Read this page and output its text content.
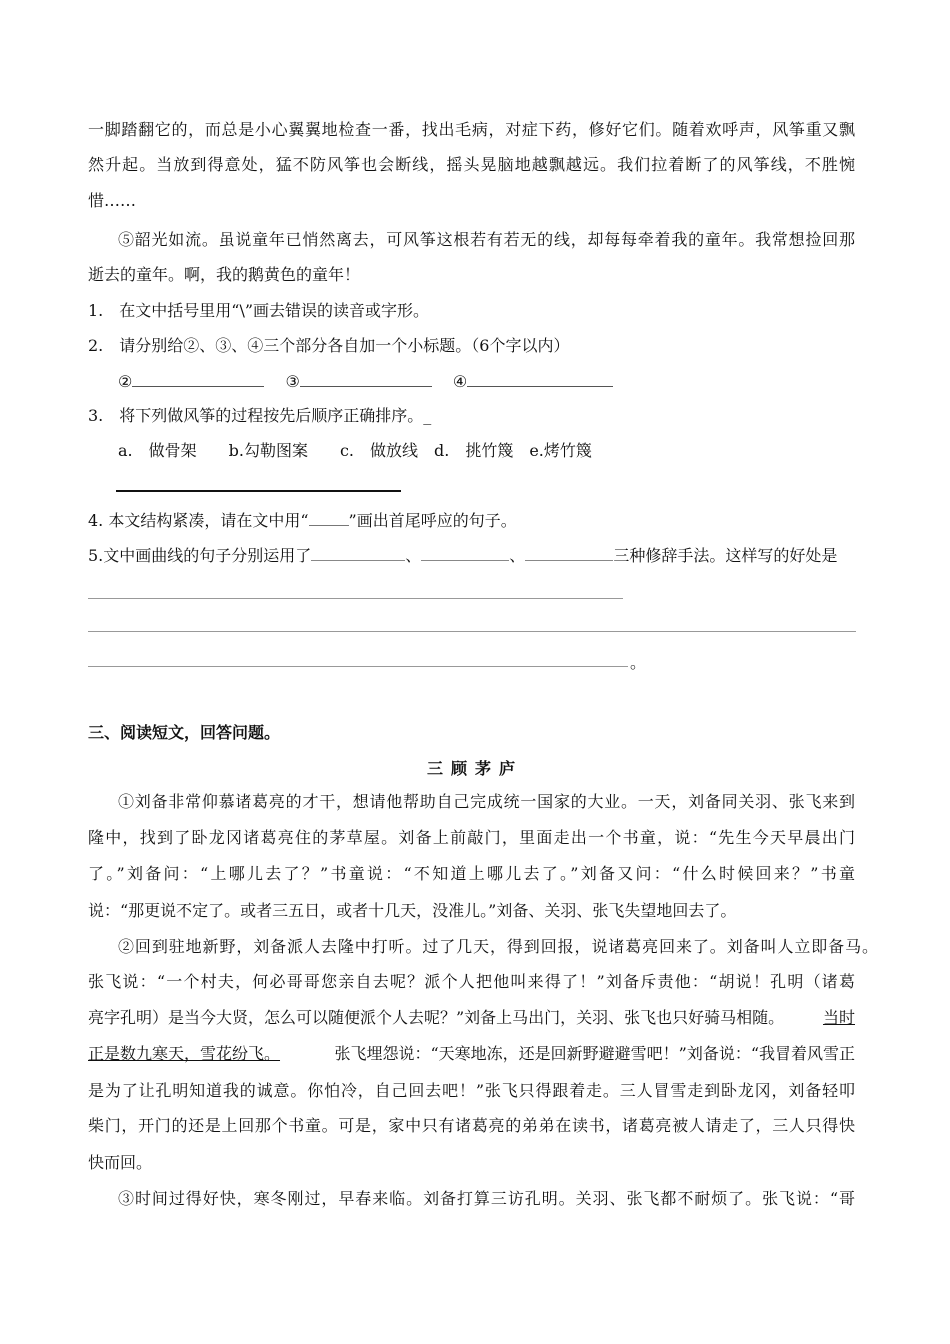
一脚踏翻它的，而总是小心翼翼地检查一番，找出毛病，对症下药，修好它们。随着欢呼声，风筝重又飘
然升起。当放到得意处，猛不防风筝也会断线，摇头晃脑地越飘越远。我们拉着断了的风筝线，不胜惋
惜……
⑤韶光如流。虽说童年已悄然离去，可风筝这根若有若无的线，却每每牵着我的童年。我常想捡回那
逝去的童年。啊，我的鹅黄色的童年！
1.　在文中括号里用“\”画去错误的读音或字形。
2.　请分别给②、③、④三个部分各自加一个小标题。（6个字以内）
②	③	④
3.　将下列做风筝的过程按先后顺序正确排序。_
a.　做骨架　　b.勾勒图案　　c.　做放线　d.　挑竹篾　e.烤竹篾
4. 本文结构紧凑，请在文中用“	”画出首尾呼应的句子。
5.文中画曲线的句子分别运用了	、	、	三种修辞手法。这样写的好处是
。
三、阅读短文，回答问题。
三顾茅庐
①刘备非常仰慕诸葛亮的才干，想请他帮助自己完成统一国家的大业。一天，刘备同关羽、张飞来到
隆中，找到了卧龙冈诸葛亮住的茅草屋。刘备上前敲门，里面走出一个书童，说：“先生今天早晨出门
了。”刘备问：“上哪儿去了？”书童说：“不知道上哪儿去了。”刘备又问：“什么时候回来？”书童
说：“那更说不定了。或者三五日，或者十几天，没准儿。”刘备、关羽、张飞失望地回去了。
②回到驻地新野，刘备派人去隆中打听。过了几天，得到回报，说诸葛亮回来了。刘备叫人立即备马。
张飞说：“一个村夫，何必哥哥您亲自去呢？派个人把他叫来得了！”刘备斥责他：“胡说！孔明（诸葛
亮字孔明）是当今大贤，怎么可以随便派个人去呢？”刘备上马出门，关羽、张飞也只好骑马相随。 当时
正是数九寒天，雪花纷飞。	张飞埋怨说：“天寒地冻，还是回新野避避雪吧！”刘备说：“我冒着风雪正
是为了让孔明知道我的诚意。你怕冷，自己回去吧！”张飞只得跟着走。三人冒雪走到卧龙冈，刘备轻叩
柴门，开门的还是上回那个书童。可是，家中只有诸葛亮的弟弟在读书，诸葛亮被人请走了，三人只得快
快而回。
③时间过得好快，寒冬刚过，早春来临。刘备打算三访孔明。关羽、张飞都不耐烦了。张飞说：“哥
